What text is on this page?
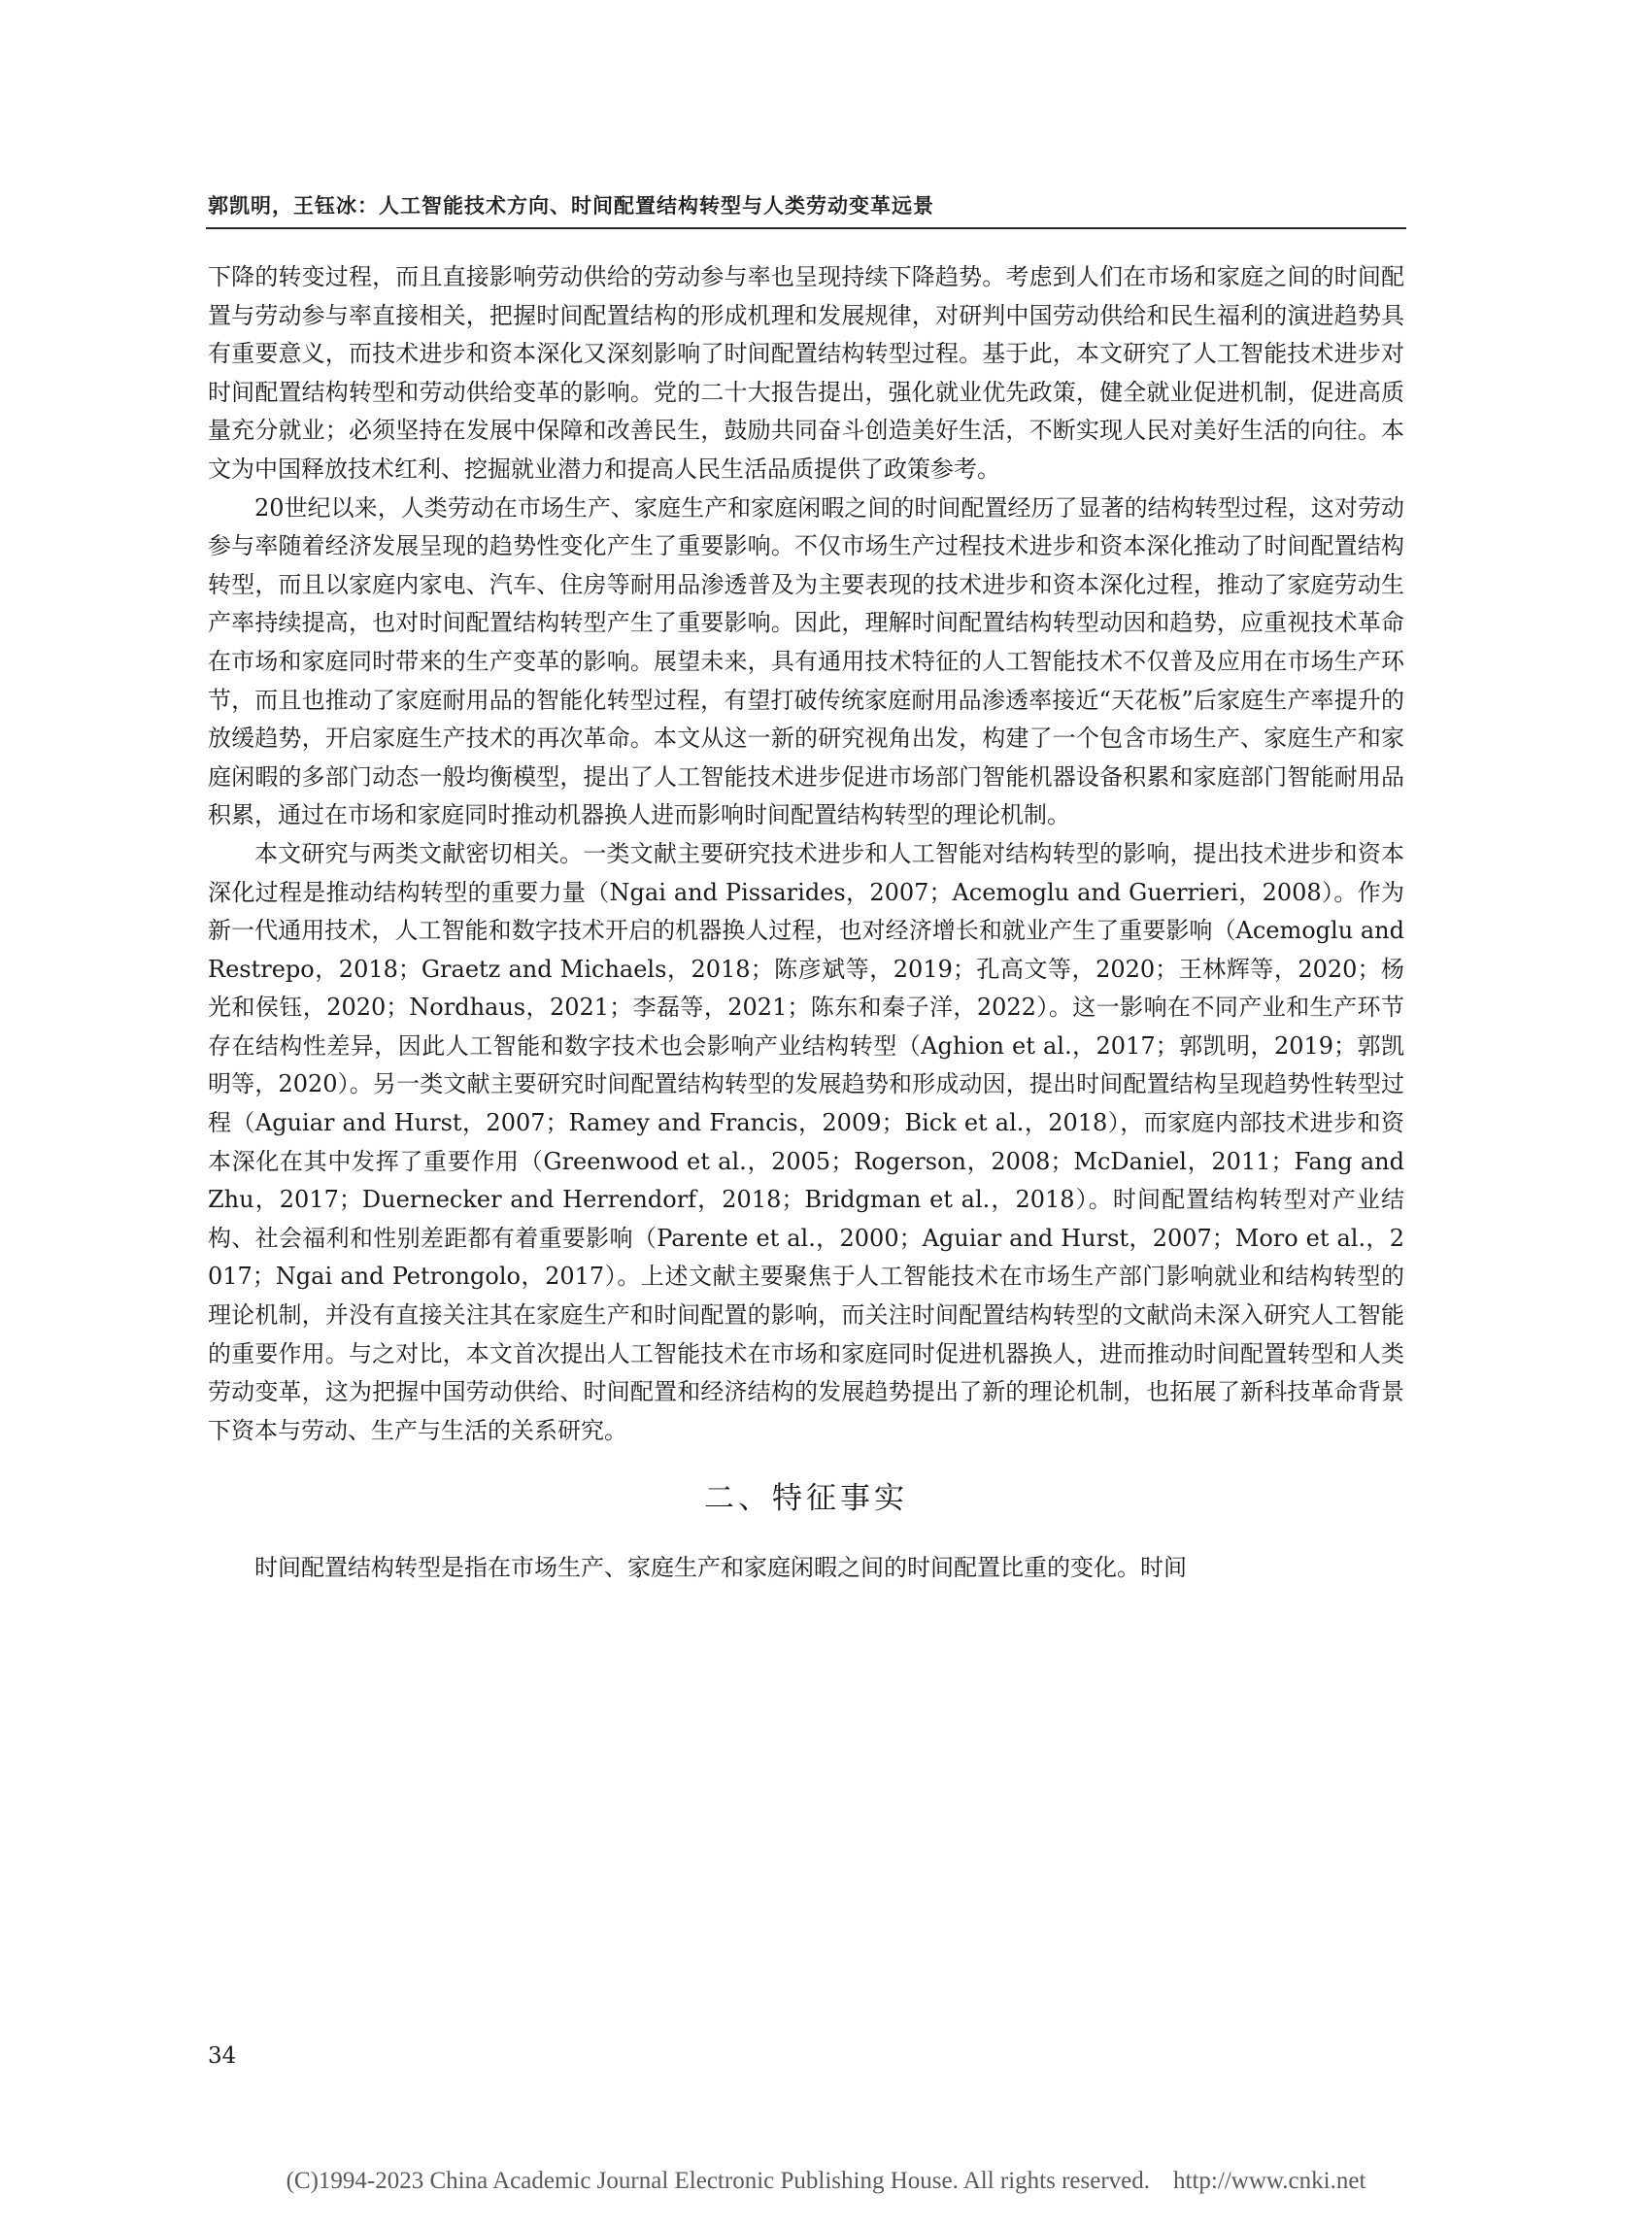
郭凯明，王钰冰：人工智能技术方向、时间配置结构转型与人类劳动变革远景

下降的转变过程，而且直接影响劳动供给的劳动参与率也呈现持续下降趋势。考虑到人们在市场和家庭之间的时间配置与劳动参与率直接相关，把握时间配置结构的形成机理和发展规律，对研判中国劳动供给和民生福利的演进趋势具有重要意义，而技术进步和资本深化又深刻影响了时间配置结构转型过程。基于此，本文研究了人工智能技术进步对时间配置结构转型和劳动供给变革的影响。党的二十大报告提出，强化就业优先政策，健全就业促进机制，促进高质量充分就业；必须坚持在发展中保障和改善民生，鼓励共同奋斗创造美好生活，不断实现人民对美好生活的向往。本文为中国释放技术红利、挖掘就业潜力和提高人民生活品质提供了政策参考。

20世纪以来，人类劳动在市场生产、家庭生产和家庭闲暇之间的时间配置经历了显著的结构转型过程，这对劳动参与率随着经济发展呈现的趋势性变化产生了重要影响。不仅市场生产过程技术进步和资本深化推动了时间配置结构转型，而且以家庭内家电、汽车、住房等耐用品渗透普及为主要表现的技术进步和资本深化过程，推动了家庭劳动生产率持续提高，也对时间配置结构转型产生了重要影响。因此，理解时间配置结构转型动因和趋势，应重视技术革命在市场和家庭同时带来的生产变革的影响。展望未来，具有通用技术特征的人工智能技术不仅普及应用在市场生产环节，而且也推动了家庭耐用品的智能化转型过程，有望打破传统家庭耐用品渗透率接近“天花板”后家庭生产率提升的放缓趋势，开启家庭生产技术的再次革命。本文从这一新的研究视角出发，构建了一个包含市场生产、家庭生产和家庭闲暇的多部门动态一般均衡模型，提出了人工智能技术进步促进市场部门智能机器设备积累和家庭部门智能耐用品积累，通过在市场和家庭同时推动机器换人进而影响时间配置结构转型的理论机制。

本文研究与两类文献密切相关。一类文献主要研究技术进步和人工智能对结构转型的影响，提出技术进步和资本深化过程是推动结构转型的重要力量（Ngai and Pissarides，2007；Acemoglu and Guerrieri，2008）。作为新一代通用技术，人工智能和数字技术开启的机器换人过程，也对经济增长和就业产生了重要影响（Acemoglu and Restrepo，2018；Graetz and Michaels，2018；陈彦斌等，2019；孔高文等，2020；王林辉等，2020；杨光和侯钰，2020；Nordhaus，2021；李磊等，2021；陈东和秦子洋，2022）。这一影响在不同产业和生产环节存在结构性差异，因此人工智能和数字技术也会影响产业结构转型（Aghion et al.，2017；郭凯明，2019；郭凯明等，2020）。另一类文献主要研究时间配置结构转型的发展趋势和形成动因，提出时间配置结构呈现趋势性转型过程（Aguiar and Hurst，2007；Ramey and Francis，2009；Bick et al.，2018），而家庭内部技术进步和资本深化在其中发挥了重要作用（Greenwood et al.，2005；Rogerson，2008；McDaniel，2011；Fang and Zhu，2017；Duernecker and Herrendorf，2018；Bridgman et al.，2018）。时间配置结构转型对产业结构、社会福利和性别差距都有着重要影响（Parente et al.，2000；Aguiar and Hurst，2007；Moro et al.，2017；Ngai and Petrongolo，2017）。上述文献主要聚焦于人工智能技术在市场生产部门影响就业和结构转型的理论机制，并没有直接关注其在家庭生产和时间配置的影响，而关注时间配置结构转型的文献尚未深入研究人工智能的重要作用。与之对比，本文首次提出人工智能技术在市场和家庭同时促进机器换人，进而推动时间配置转型和人类劳动变革，这为把握中国劳动供给、时间配置和经济结构的发展趋势提出了新的理论机制，也拓展了新科技革命背景下资本与劳动、生产与生活的关系研究。

二、特征事实

时间配置结构转型是指在市场生产、家庭生产和家庭闲暇之间的时间配置比重的变化。时间

34
(C)1994-2023 China Academic Journal Electronic Publishing House. All rights reserved. http://www.cnki.net
